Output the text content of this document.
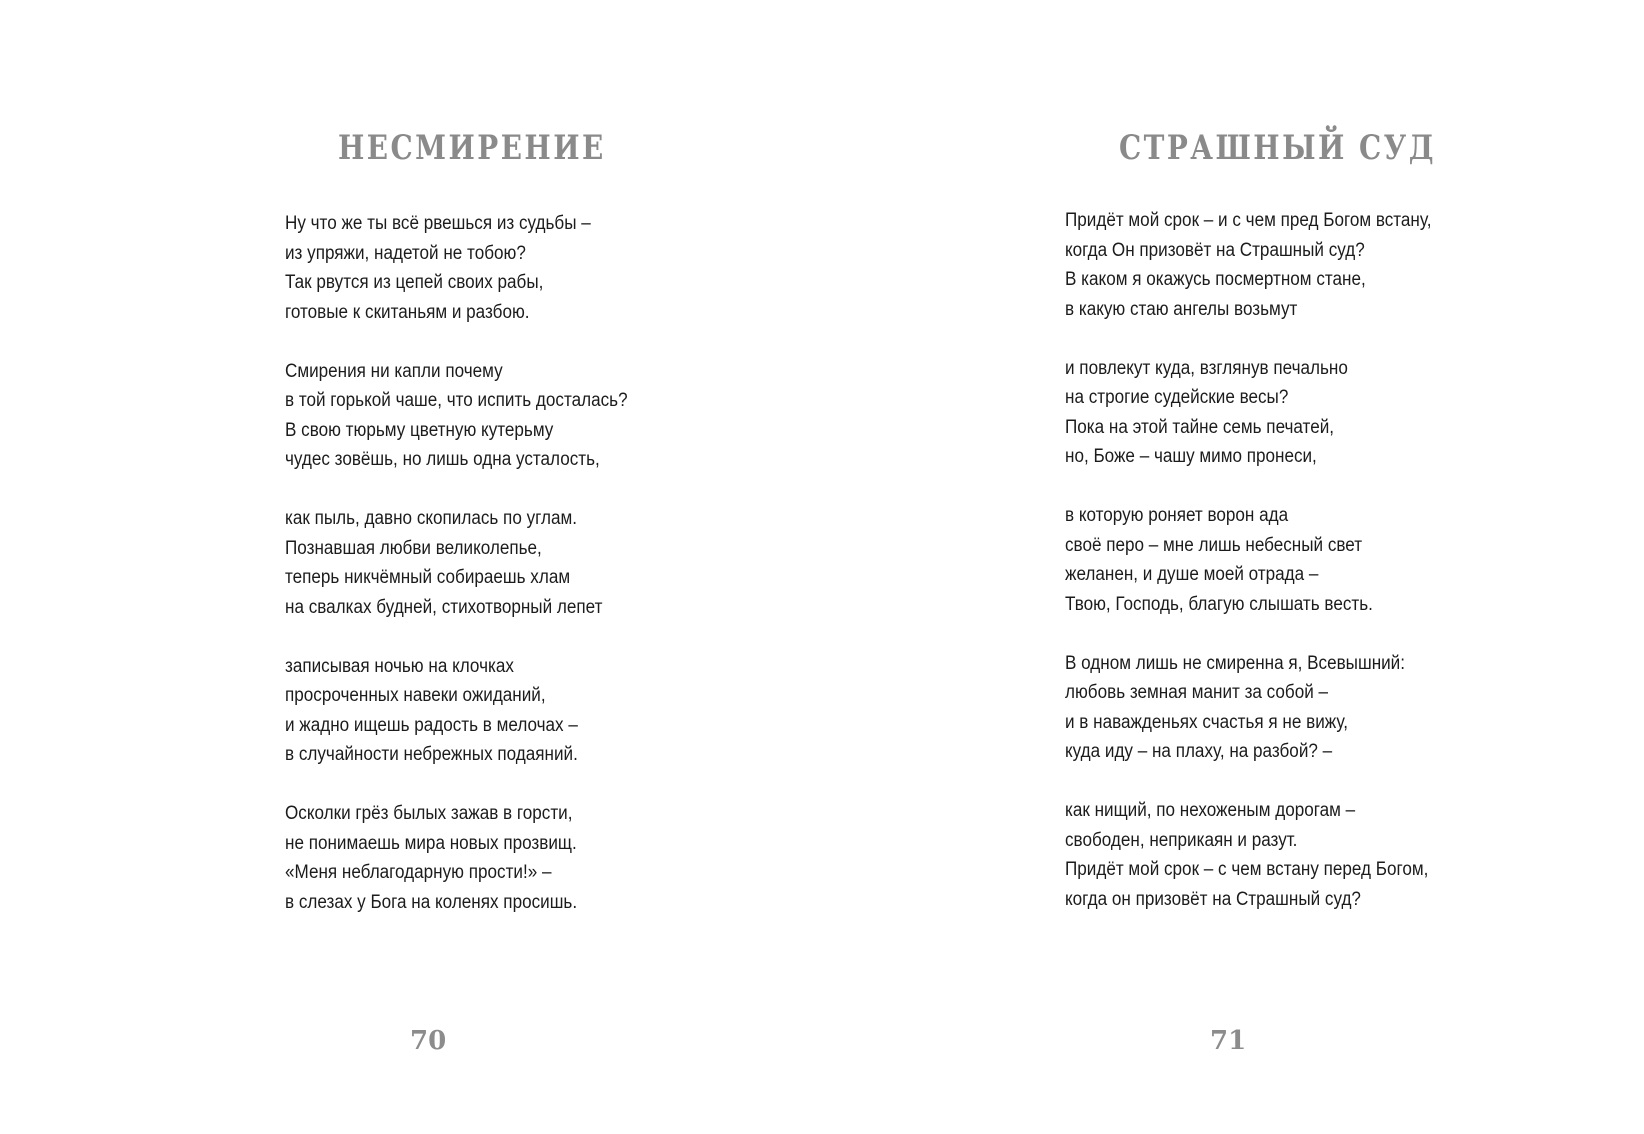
НЕСМИРЕНИЕ
Ну что же ты всё рвешься из судьбы –
из упряжи, надетой не тобою?
Так рвутся из цепей своих рабы,
готовые к скитаньям и разбою.
Смирения ни капли почему
в той горькой чаше, что испить досталась?
В свою тюрьму цветную кутерьму
чудес зовёшь, но лишь одна усталость,
как пыль, давно скопилась по углам.
Познавшая любви великолепье,
теперь никчёмный собираешь хлам
на свалках будней, стихотворный лепет
записывая ночью на клочках
просроченных навеки ожиданий,
и жадно ищешь радость в мелочах –
в случайности небрежных подаяний.
Осколки грёз былых зажав в горсти,
не понимаешь мира новых прозвищ.
«Меня неблагодарную прости!» –
в слезах у Бога на коленях просишь.
70
СТРАШНЫЙ СУД
Придёт мой срок – и с чем пред Богом встану,
когда Он призовёт на Страшный суд?
В каком я окажусь посмертном стане,
в какую стаю ангелы возьмут
и повлекут куда, взглянув печально
на строгие судейские весы?
Пока на этой тайне семь печатей,
но, Боже – чашу мимо пронеси,
в которую роняет ворон ада
своё перо – мне лишь небесный свет
желанен, и душе моей отрада –
Твою, Господь, благую слышать весть.
В одном лишь не смиренна я, Всевышний:
любовь земная манит за собой –
и в наважденьях счастья я не вижу,
куда иду – на плаху, на разбой? –
как нищий, по нехоженым дорогам –
свободен, неприкаян и разут.
Придёт мой срок – с чем встану перед Богом,
когда он призовёт на Страшный суд?
71
